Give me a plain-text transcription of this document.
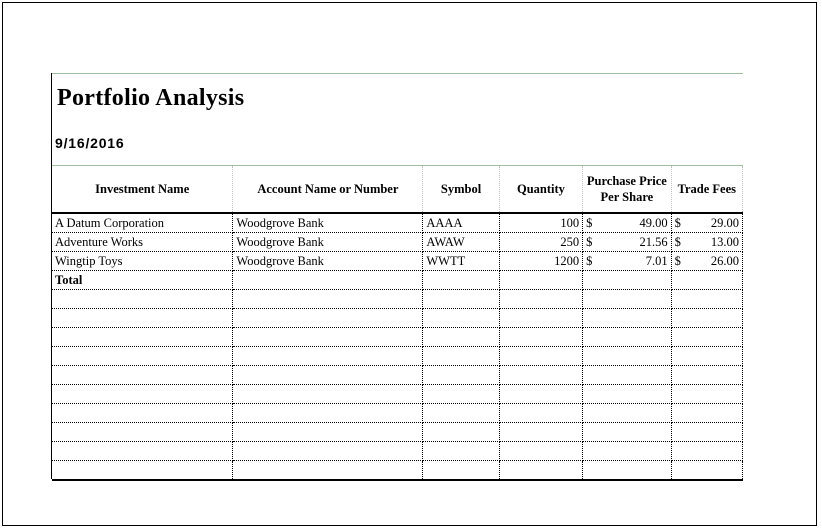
Portfolio Analysis
9/16/2016
Investment Name	Account Name or Number	Symbol	Quantity	Purchase Price Per Share	Trade Fees
A Datum Corporation	Woodgrove Bank	AAAA	100	$ 49.00	$ 29.00

Adventure Works	Woodgrove Bank	AWAW	250	$ 21.56	$ 13.00

Wingtip Toys	Woodgrove Bank	WWTT	1200	$ 7.01	$ 26.00

Total					
